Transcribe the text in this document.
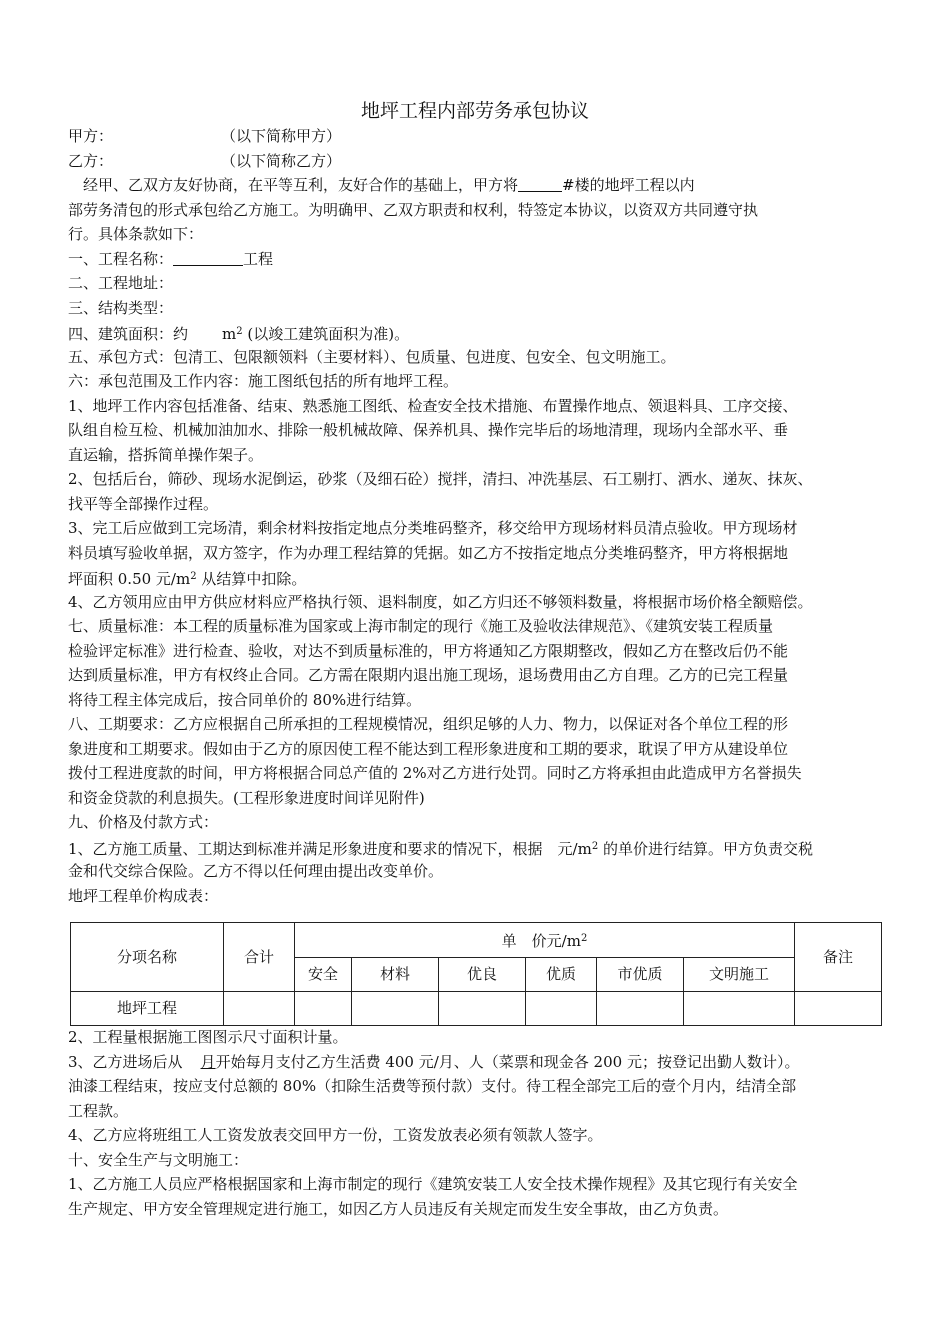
地坪工程内部劳务承包协议
甲方：	（以下简称甲方）
乙方：	（以下简称乙方）
　经甲、乙双方友好协商，在平等互利，友好合作的基础上，甲方将	#楼的地坪工程以内
部劳务清包的形式承包给乙方施工。为明确甲、乙双方职责和权利，特签定本协议，以资双方共同遵守执
行。具体条款如下：
一、工程名称：	工程
二、工程地址：
三、结构类型：
四、建筑面积：约 $m^2$ (以竣工建筑面积为准)。
五、承包方式：包清工、包限额领料（主要材料）、包质量、包进度、包安全、包文明施工。
六：承包范围及工作内容：施工图纸包括的所有地坪工程。
1、地坪工作内容包括准备、结束、熟悉施工图纸、检查安全技术措施、布置操作地点、领退料具、工序交接、
队组自检互检、机械加油加水、排除一般机械故障、保养机具、操作完毕后的场地清理，现场内全部水平、垂
直运输，搭拆简单操作架子。
2、包括后台，筛砂、现场水泥倒运，砂浆（及细石砼）搅拌，清扫、冲洗基层、石工剔打、洒水、递灰、抹灰、
找平等全部操作过程。
3、完工后应做到工完场清，剩余材料按指定地点分类堆码整齐，移交给甲方现场材料员清点验收。甲方现场材
料员填写验收单据，双方签字，作为办理工程结算的凭据。如乙方不按指定地点分类堆码整齐，甲方将根据地
坪面积 0.50 元$/m^2$ 从结算中扣除。
4、乙方领用应由甲方供应材料应严格执行领、退料制度，如乙方归还不够领料数量，将根据市场价格全额赔偿。
七、质量标准：本工程的质量标准为国家或上海市制定的现行《施工及验收法律规范》、《建筑安装工程质量
检验评定标准》进行检查、验收，对达不到质量标准的，甲方将通知乙方限期整改，假如乙方在整改后仍不能
达到质量标准，甲方有权终止合同。乙方需在限期内退出施工现场，退场费用由乙方自理。乙方的已完工程量
将待工程主体完成后，按合同单价的 80%进行结算。
八、工期要求：乙方应根据自己所承担的工程规模情况，组织足够的人力、物力，以保证对各个单位工程的形
象进度和工期要求。假如由于乙方的原因使工程不能达到工程形象进度和工期的要求，耽误了甲方从建设单位
拨付工程进度款的时间，甲方将根据合同总产值的 2%对乙方进行处罚。同时乙方将承担由此造成甲方名誉损失
和资金贷款的利息损失。(工程形象进度时间详见附件)
九、价格及付款方式：
1、乙方施工质量、工期达到标准并满足形象进度和要求的情况下，根据　元$/m^2$ 的单价进行结算。甲方负责交税
金和代交综合保险。乙方不得以任何理由提出改变单价。
地坪工程单价构成表：
分项名称	合计	单　价元$/m^2$						备注
		安全	材料	优良	优质	市优质	文明施工	
地坪工程								
2、工程量根据施工图图示尺寸面积计量。
3、乙方进场后从 月开始每月支付乙方生活费 400 元/月、人（菜票和现金各 200 元；按登记出勤人数计）。
油漆工程结束，按应支付总额的 80%（扣除生活费等预付款）支付。待工程全部完工后的壹个月内，结清全部
工程款。
4、乙方应将班组工人工资发放表交回甲方一份，工资发放表必须有领款人签字。
十、安全生产与文明施工：
1、乙方施工人员应严格根据国家和上海市制定的现行《建筑安装工人安全技术操作规程》及其它现行有关安全
生产规定、甲方安全管理规定进行施工，如因乙方人员违反有关规定而发生安全事故，由乙方负责。
